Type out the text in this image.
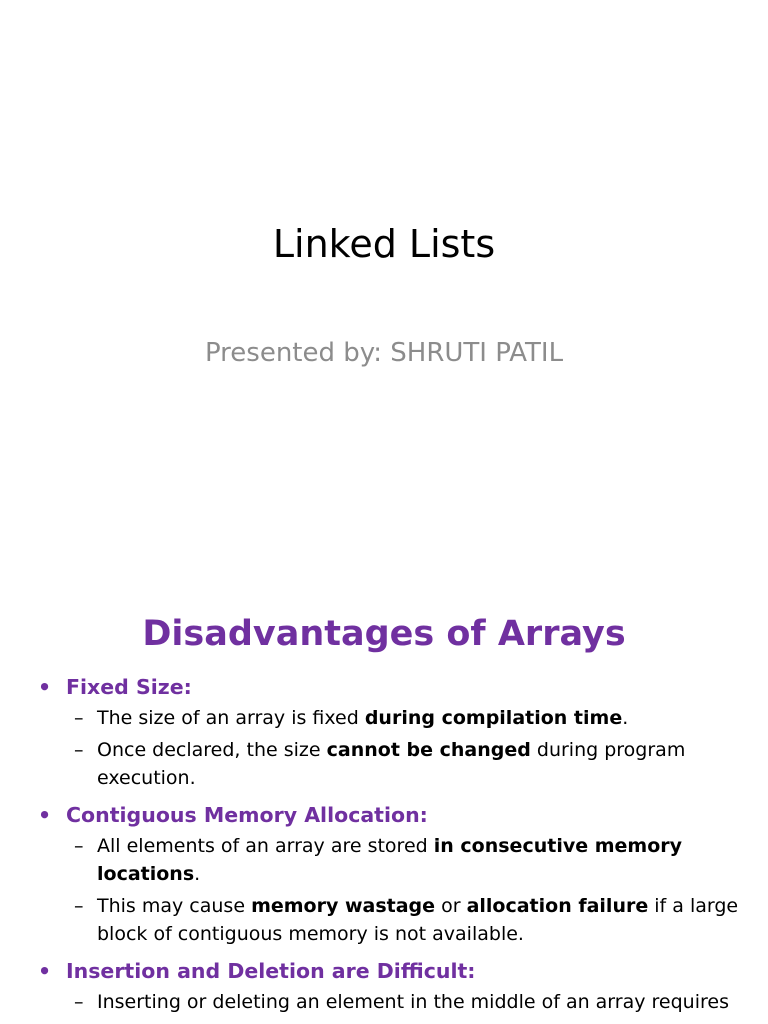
Linked Lists
Presented by: SHRUTI PATIL
Disadvantages of Arrays
• Fixed Size:
– The size of an array is fixed during compilation time.
– Once declared, the size cannot be changed during program execution.
• Contiguous Memory Allocation:
– All elements of an array are stored in consecutive memory locations.
– This may cause memory wastage or allocation failure if a large block of contiguous memory is not available.
• Insertion and Deletion are Difficult:
– Inserting or deleting an element in the middle of an array requires
